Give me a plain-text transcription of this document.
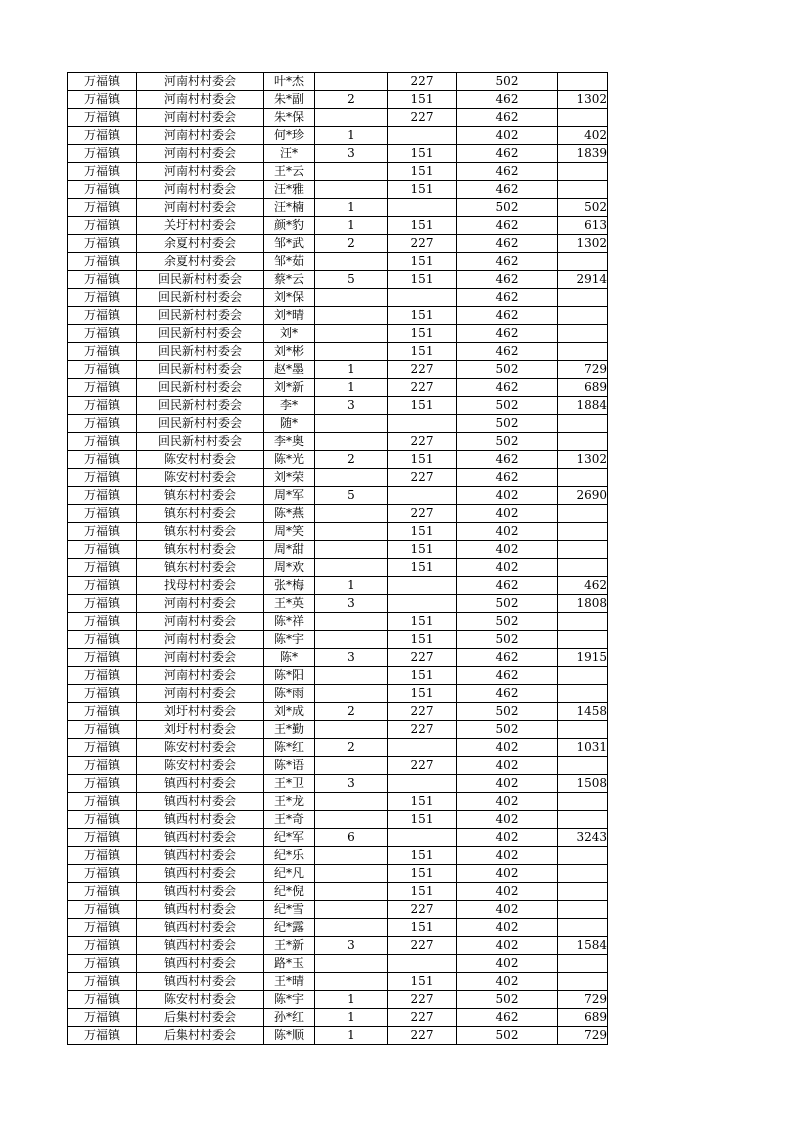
万福镇	河南村村委会	叶*杰		227	502	
万福镇	河南村村委会	朱*副	2	151	462	1302
万福镇	河南村村委会	朱*保		227	462	
万福镇	河南村村委会	何*珍	1		402	402
万福镇	河南村村委会	汪*	3	151	462	1839
万福镇	河南村村委会	王*云		151	462	
万福镇	河南村村委会	汪*雅		151	462	
万福镇	河南村村委会	汪*楠	1		502	502
万福镇	关圩村村委会	颜*豹	1	151	462	613
万福镇	余夏村村委会	邹*武	2	227	462	1302
万福镇	余夏村村委会	邹*茹		151	462	
万福镇	回民新村村委会	蔡*云	5	151	462	2914
万福镇	回民新村村委会	刘*保			462	
万福镇	回民新村村委会	刘*晴		151	462	
万福镇	回民新村村委会	刘*		151	462	
万福镇	回民新村村委会	刘*彬		151	462	
万福镇	回民新村村委会	赵*墨	1	227	502	729
万福镇	回民新村村委会	刘*新	1	227	462	689
万福镇	回民新村村委会	李*	3	151	502	1884
万福镇	回民新村村委会	随*			502	
万福镇	回民新村村委会	李*奥		227	502	
万福镇	陈安村村委会	陈*光	2	151	462	1302
万福镇	陈安村村委会	刘*荣		227	462	
万福镇	镇东村村委会	周*军	5		402	2690
万福镇	镇东村村委会	陈*燕		227	402	
万福镇	镇东村村委会	周*笑		151	402	
万福镇	镇东村村委会	周*甜		151	402	
万福镇	镇东村村委会	周*欢		151	402	
万福镇	找母村村委会	张*梅	1		462	462
万福镇	河南村村委会	王*英	3		502	1808
万福镇	河南村村委会	陈*祥		151	502	
万福镇	河南村村委会	陈*宇		151	502	
万福镇	河南村村委会	陈*	3	227	462	1915
万福镇	河南村村委会	陈*阳		151	462	
万福镇	河南村村委会	陈*雨		151	462	
万福镇	刘圩村村委会	刘*成	2	227	502	1458
万福镇	刘圩村村委会	王*勤		227	502	
万福镇	陈安村村委会	陈*红	2		402	1031
万福镇	陈安村村委会	陈*语		227	402	
万福镇	镇西村村委会	王*卫	3		402	1508
万福镇	镇西村村委会	王*龙		151	402	
万福镇	镇西村村委会	王*奇		151	402	
万福镇	镇西村村委会	纪*军	6		402	3243
万福镇	镇西村村委会	纪*乐		151	402	
万福镇	镇西村村委会	纪*凡		151	402	
万福镇	镇西村村委会	纪*倪		151	402	
万福镇	镇西村村委会	纪*雪		227	402	
万福镇	镇西村村委会	纪*露		151	402	
万福镇	镇西村村委会	王*新	3	227	402	1584
万福镇	镇西村村委会	路*玉			402	
万福镇	镇西村村委会	王*晴		151	402	
万福镇	陈安村村委会	陈*宇	1	227	502	729
万福镇	后集村村委会	孙*红	1	227	462	689
万福镇	后集村村委会	陈*顺	1	227	502	729
